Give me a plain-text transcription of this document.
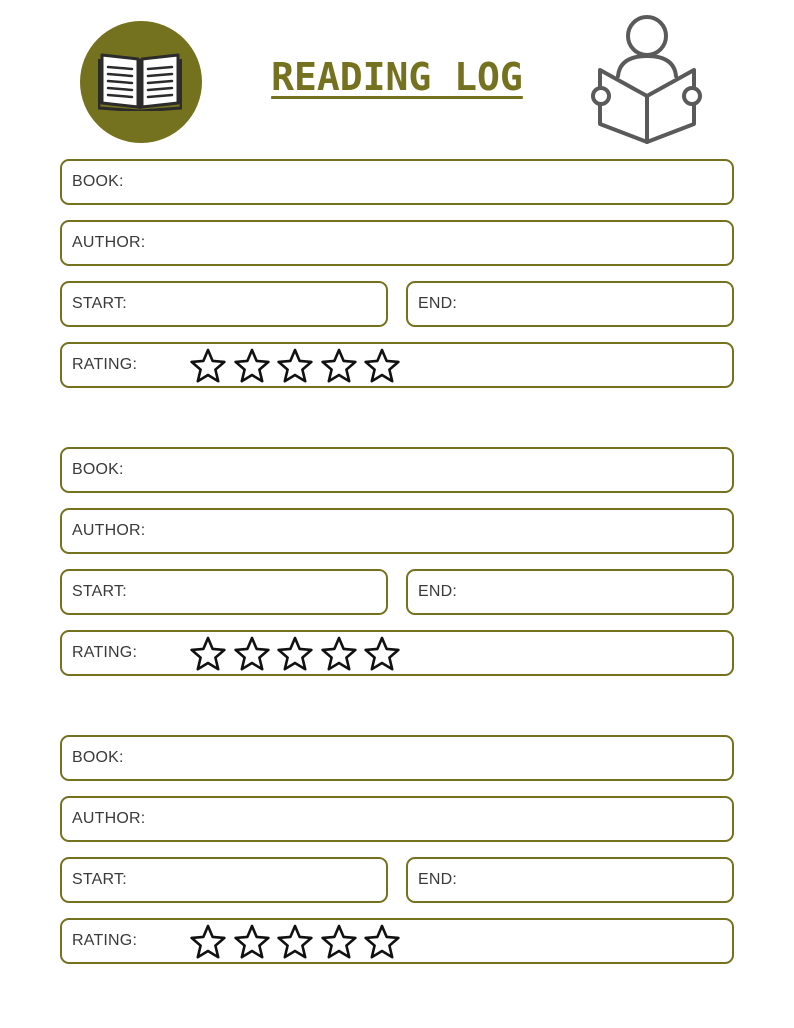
READING LOG
BOOK:
AUTHOR:
START:	END:
RATING:
BOOK:
AUTHOR:
START:	END:
RATING:
BOOK:
AUTHOR:
START:	END:
RATING:
